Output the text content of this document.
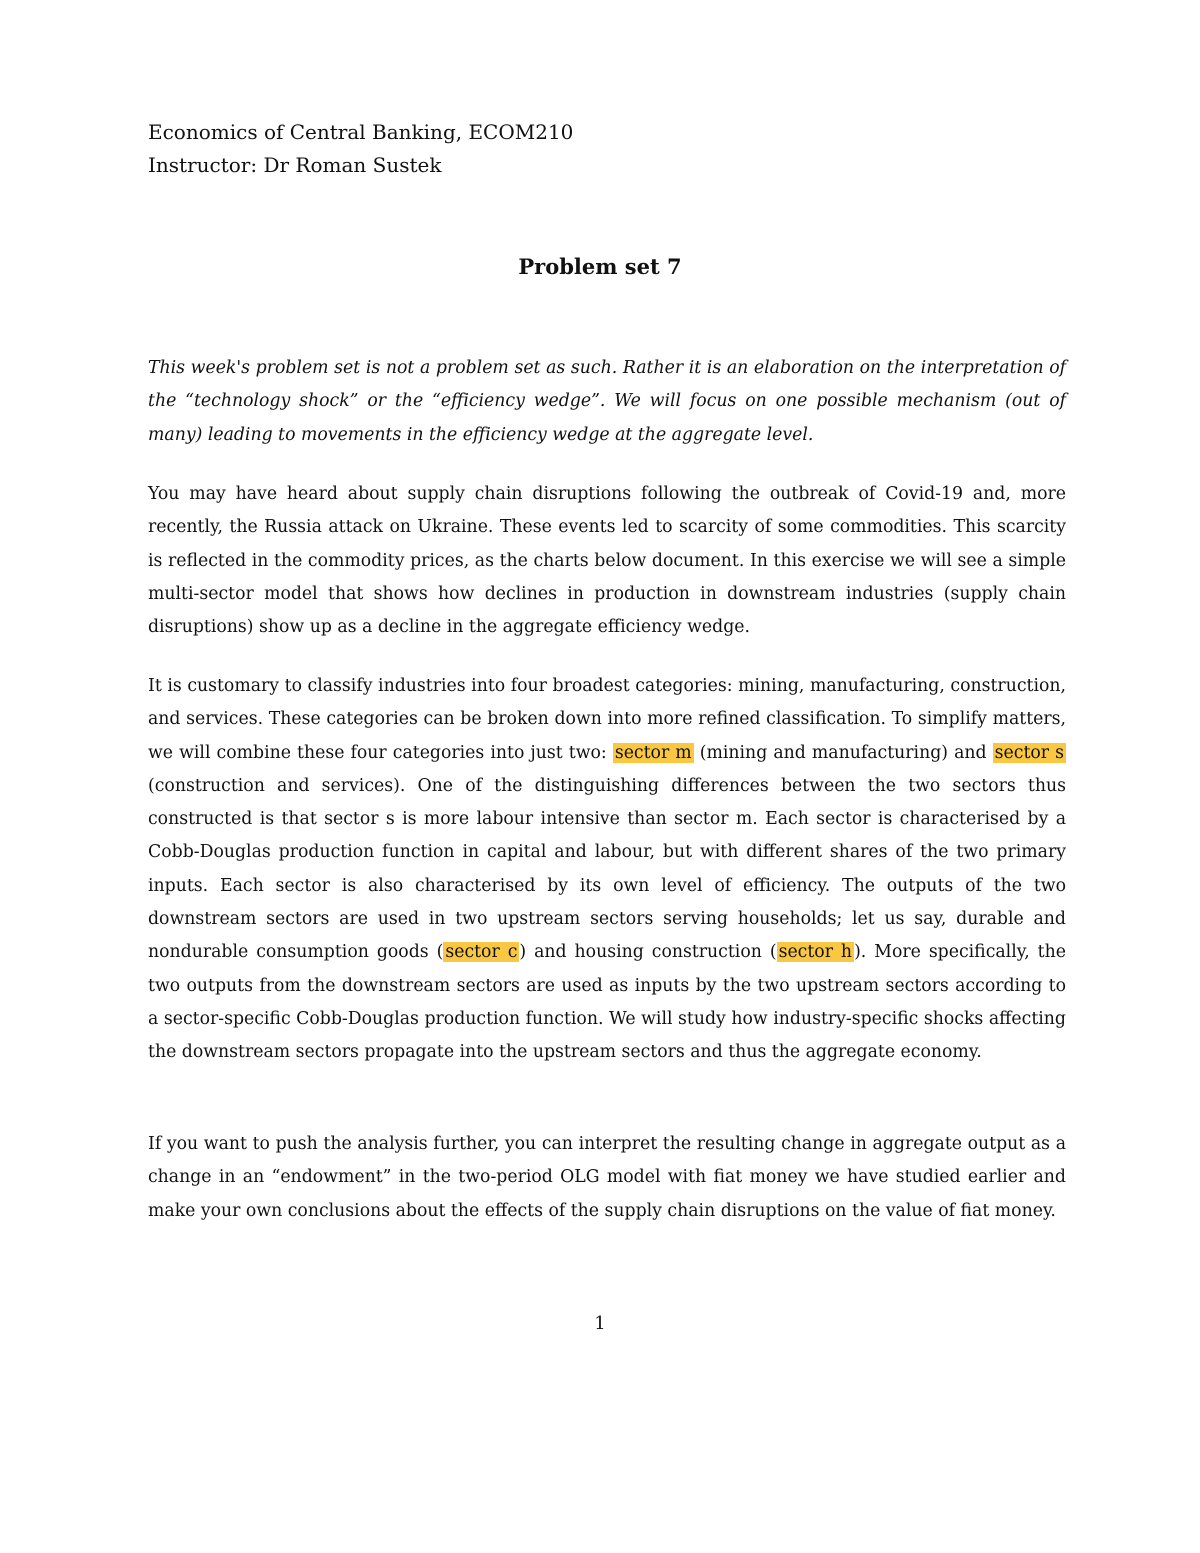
Economics of Central Banking, ECOM210
Instructor: Dr Roman Sustek
Problem set 7

This week's problem set is not a problem set as such. Rather it is an elaboration on the interpretation of the “technology shock” or the “efficiency wedge”. We will focus on one possible mechanism (out of many) leading to movements in the efficiency wedge at the aggregate level.

You may have heard about supply chain disruptions following the outbreak of Covid-19 and, more recently, the Russia attack on Ukraine. These events led to scarcity of some commodities. This scarcity is reflected in the commodity prices, as the charts below document. In this exercise we will see a simple multi-sector model that shows how declines in production in downstream industries (supply chain disruptions) show up as a decline in the aggregate efficiency wedge.

It is customary to classify industries into four broadest categories: mining, manufacturing, construction, and services. These categories can be broken down into more refined classification. To simplify matters, we will combine these four categories into just two: sector m (mining and manufacturing) and sector s (construction and services). One of the distinguishing differences between the two sectors thus constructed is that sector s is more labour intensive than sector m. Each sector is characterised by a Cobb-Douglas production function in capital and labour, but with different shares of the two primary inputs. Each sector is also characterised by its own level of efficiency. The outputs of the two downstream sectors are used in two upstream sectors serving households; let us say, durable and nondurable consumption goods ( sector c ) and housing construction ( sector h ). More specifically, the two outputs from the downstream sectors are used as inputs by the two upstream sectors according to a sector-specific Cobb-Douglas production function. We will study how industry-specific shocks affecting the downstream sectors propagate into the upstream sectors and thus the aggregate economy.

If you want to push the analysis further, you can interpret the resulting change in aggregate output as a change in an “endowment” in the two-period OLG model with fiat money we have studied earlier and make your own conclusions about the effects of the supply chain disruptions on the value of fiat money.

1
